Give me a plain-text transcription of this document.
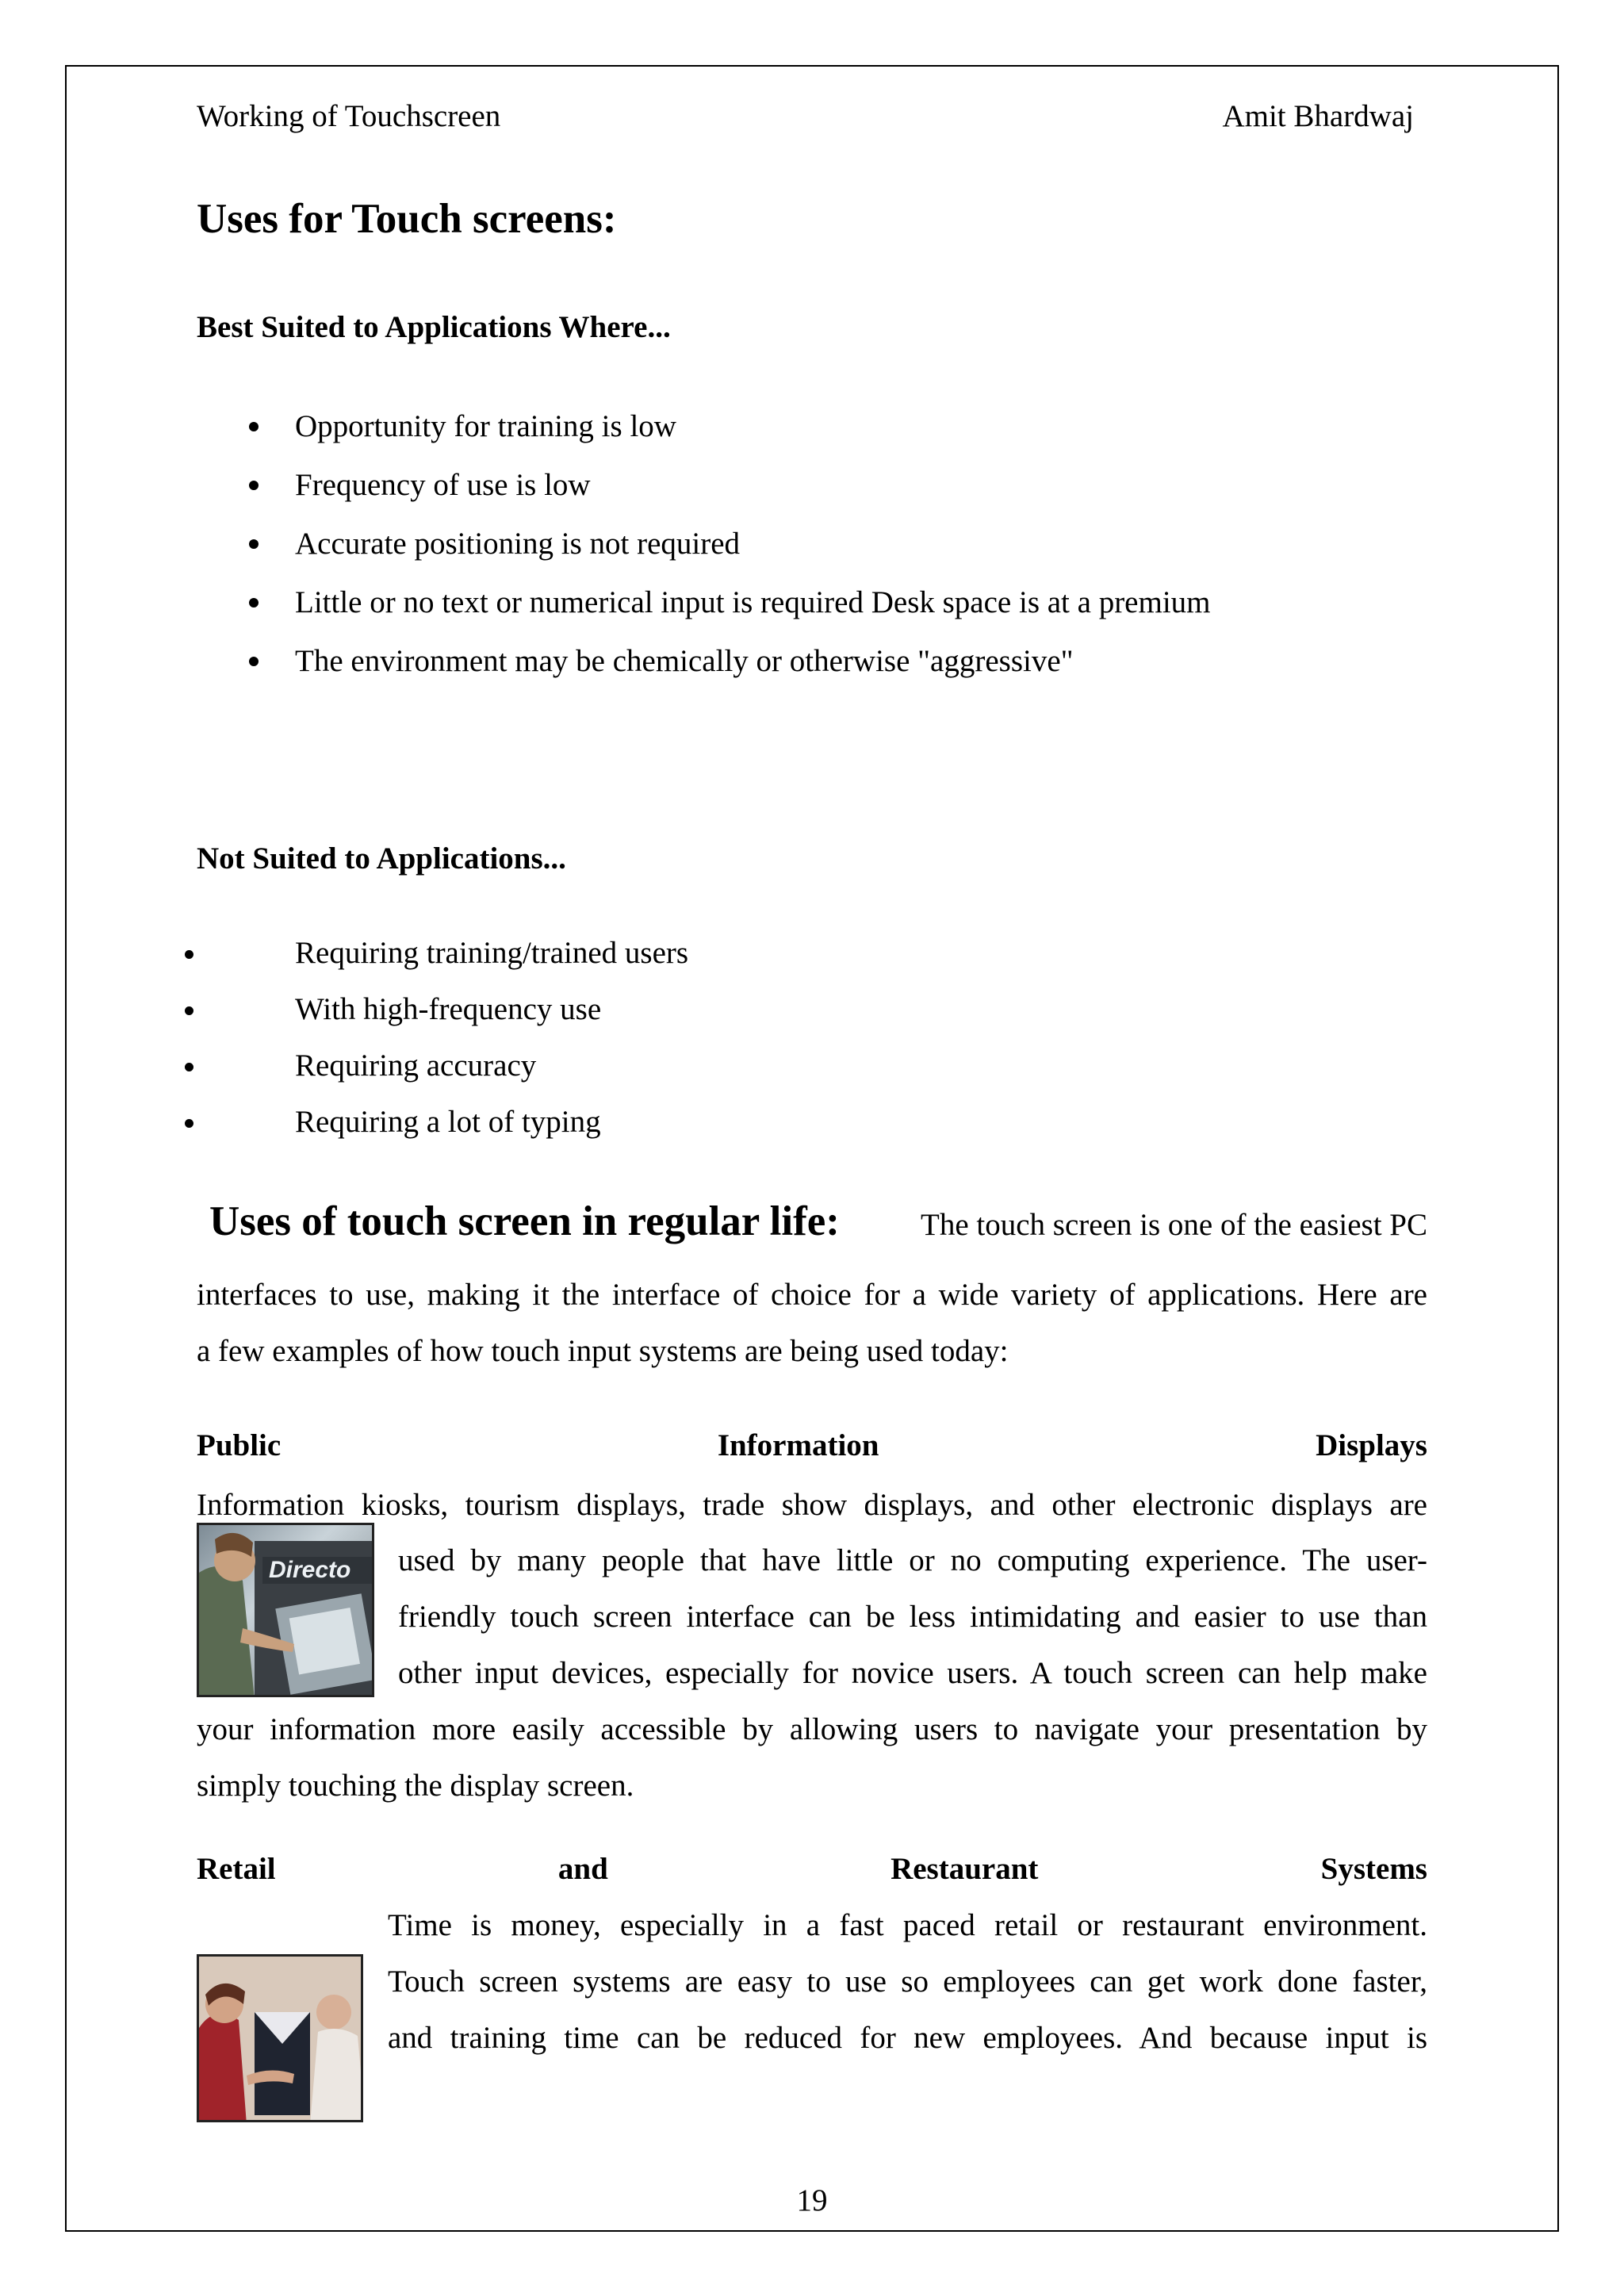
Working of Touchscreen	Amit Bhardwaj
Uses for Touch screens:
Best Suited to Applications Where...
Opportunity for training is low
Frequency of use is low
Accurate positioning is not required
Little or no text or numerical input is required Desk space is at a premium
The environment may be chemically or otherwise "aggressive"
Not Suited to Applications...
Requiring training/trained users
With high-frequency use
Requiring accuracy
Requiring a lot of typing
Uses of touch screen in regular life:	The touch screen is one of the easiest PC
interfaces to use, making it the interface of choice for a wide variety of applications. Here are
a few examples of how touch input systems are being used today:
Public	Information	Displays
Information kiosks, tourism displays, trade show displays, and other electronic displays are
Directo used by many people that have little or no computing experience. The user-
friendly touch screen interface can be less intimidating and easier to use than
other input devices, especially for novice users. A touch screen can help make
your information more easily accessible by allowing users to navigate your presentation by
simply touching the display screen.
Retail	and	Restaurant	Systems
Time is money, especially in a fast paced retail or restaurant environment.
Touch screen systems are easy to use so employees can get work done faster,
and training time can be reduced for new employees. And because input is
19
